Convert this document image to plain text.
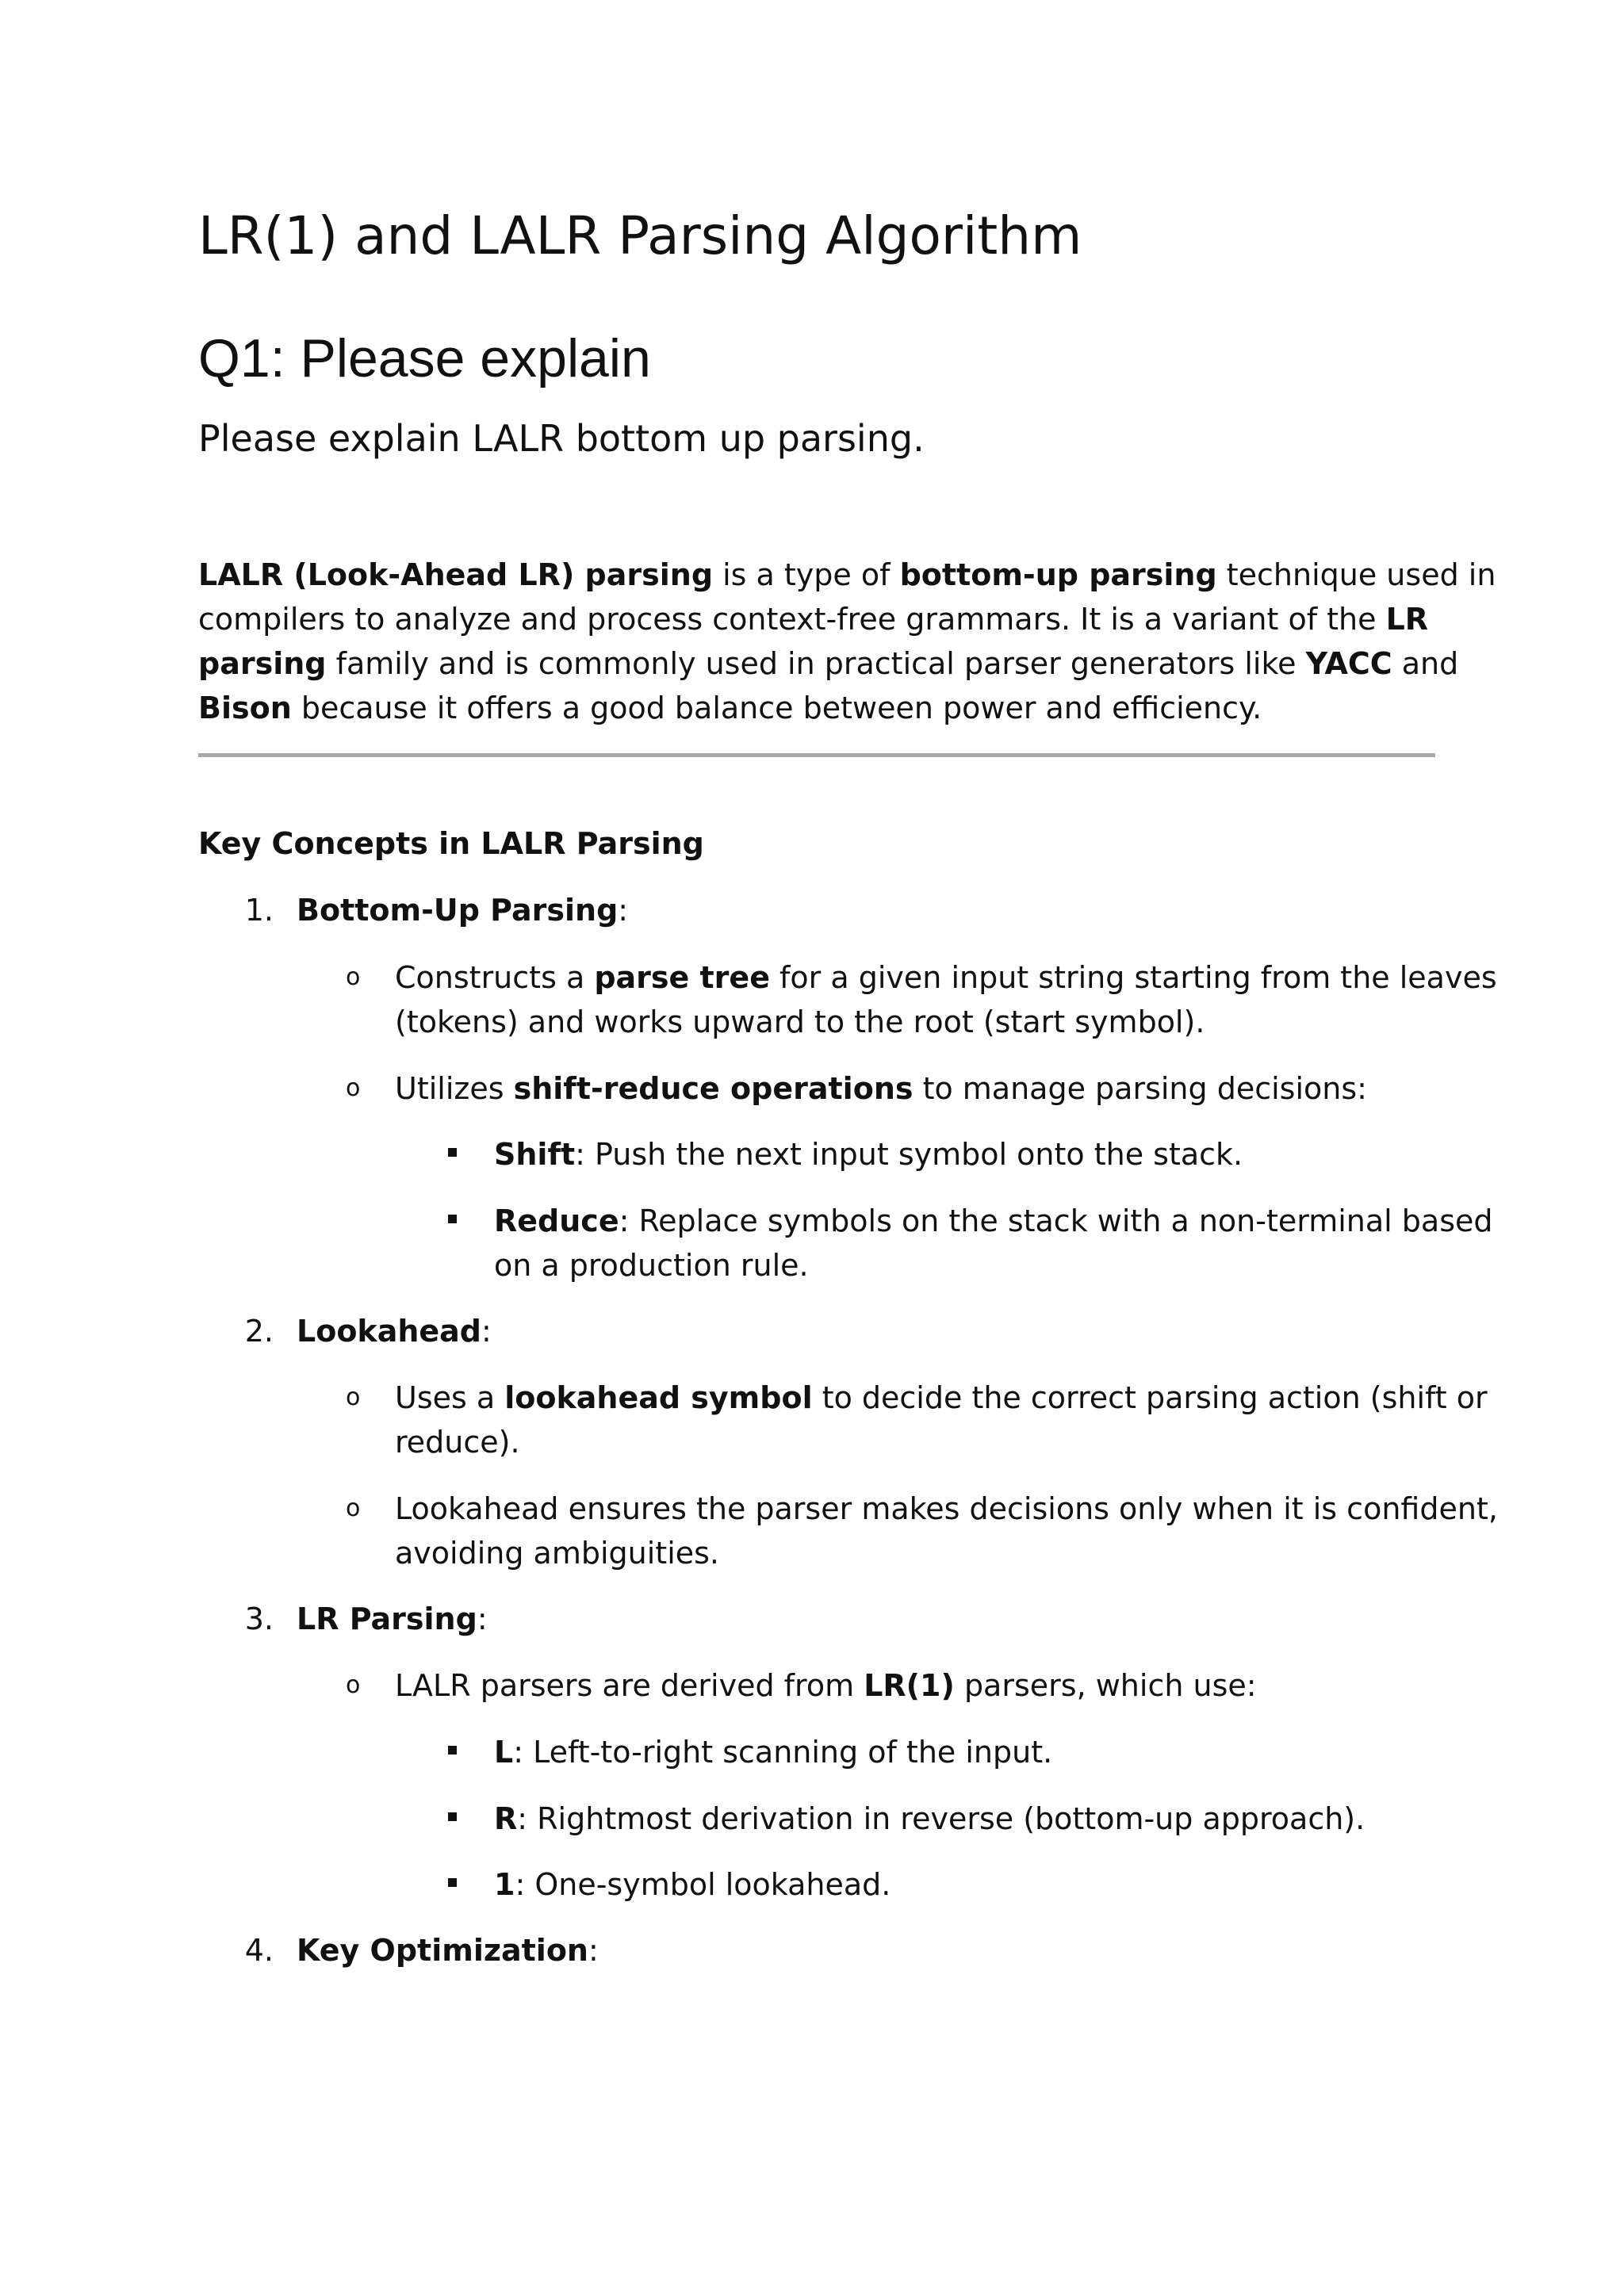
LR(1) and LALR Parsing Algorithm
Q1: Please explain
Please explain LALR bottom up parsing.
LALR (Look-Ahead LR) parsing is a type of bottom-up parsing technique used in
compilers to analyze and process context-free grammars. It is a variant of the LR
parsing family and is commonly used in practical parser generators like YACC and
Bison because it offers a good balance between power and efficiency.
Key Concepts in LALR Parsing
1. Bottom-Up Parsing:
o Constructs a parse tree for a given input string starting from the leaves
(tokens) and works upward to the root (start symbol).
o Utilizes shift-reduce operations to manage parsing decisions:
Shift: Push the next input symbol onto the stack.
Reduce: Replace symbols on the stack with a non-terminal based
on a production rule.
2. Lookahead:
o Uses a lookahead symbol to decide the correct parsing action (shift or
reduce).
o Lookahead ensures the parser makes decisions only when it is confident,
avoiding ambiguities.
3. LR Parsing:
o LALR parsers are derived from LR(1) parsers, which use:
L: Left-to-right scanning of the input.
R: Rightmost derivation in reverse (bottom-up approach).
1: One-symbol lookahead.
4. Key Optimization:
